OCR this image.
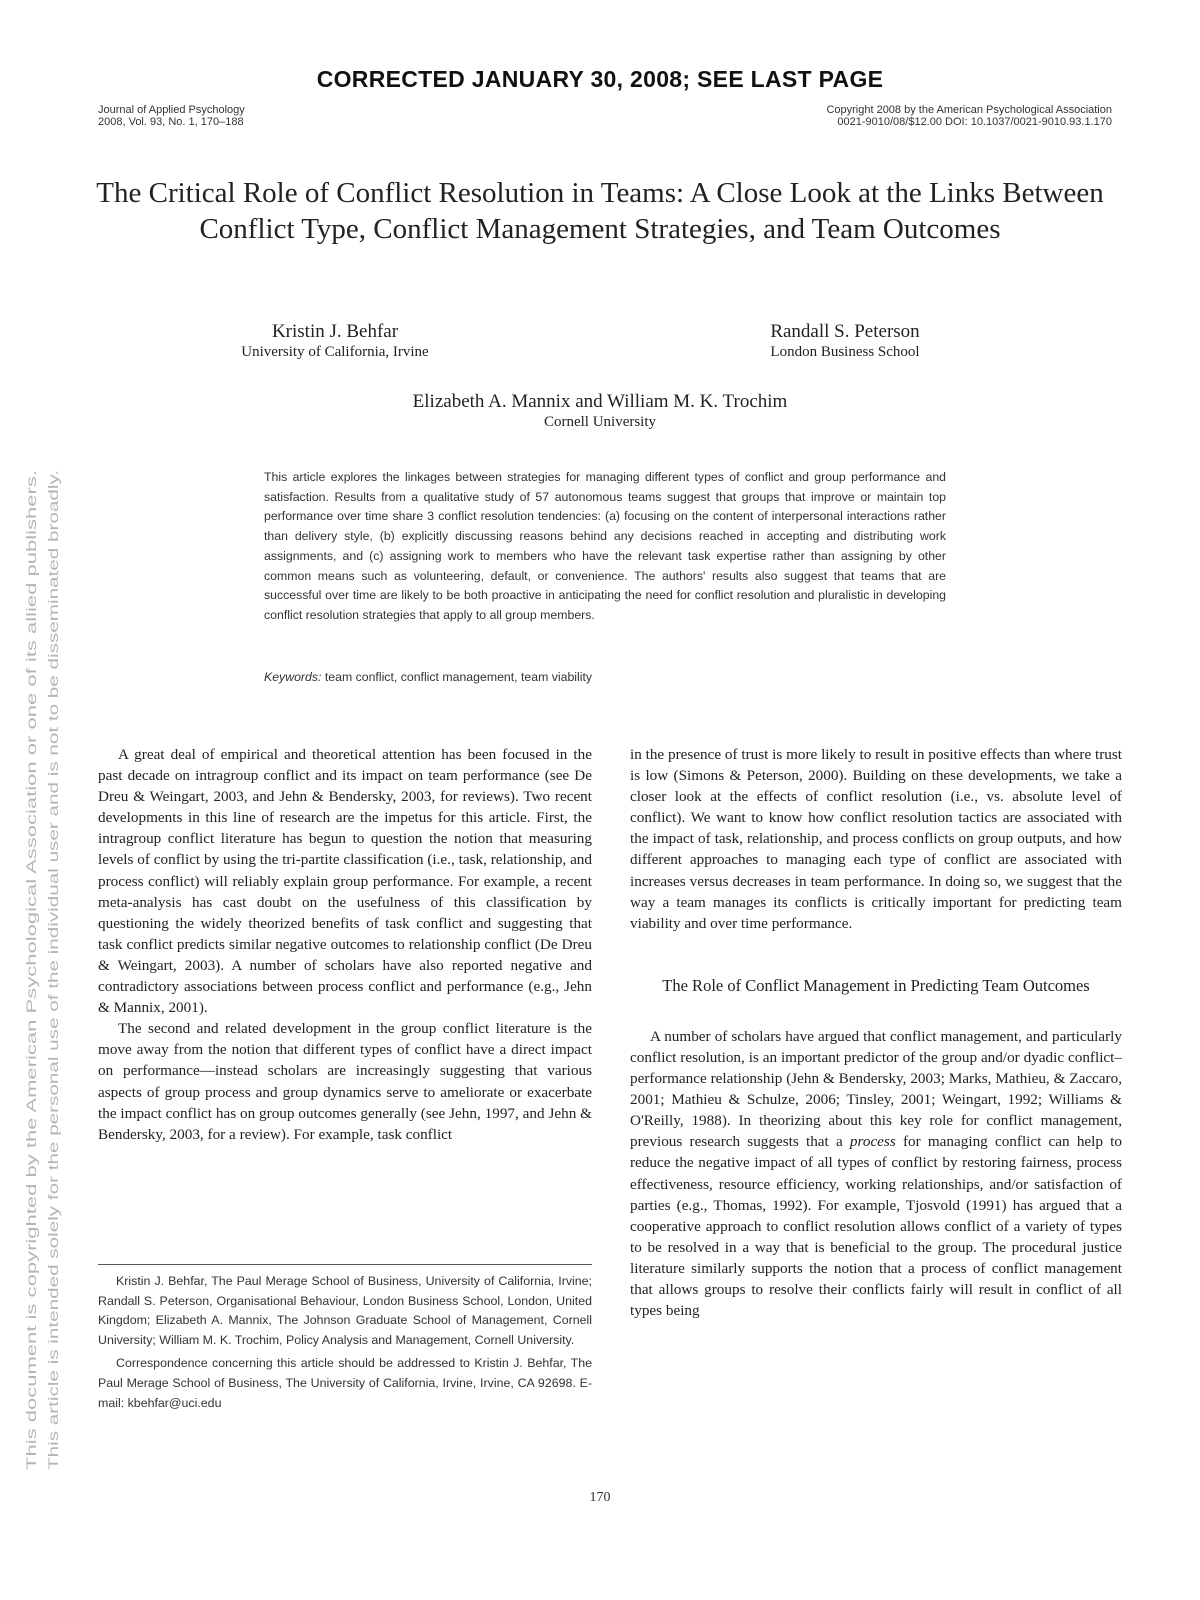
CORRECTED JANUARY 30, 2008; SEE LAST PAGE
Journal of Applied Psychology
2008, Vol. 93, No. 1, 170–188
Copyright 2008 by the American Psychological Association
0021-9010/08/$12.00 DOI: 10.1037/0021-9010.93.1.170
The Critical Role of Conflict Resolution in Teams: A Close Look at the Links Between Conflict Type, Conflict Management Strategies, and Team Outcomes
Kristin J. Behfar
University of California, Irvine
Randall S. Peterson
London Business School
Elizabeth A. Mannix and William M. K. Trochim
Cornell University
This article explores the linkages between strategies for managing different types of conflict and group performance and satisfaction. Results from a qualitative study of 57 autonomous teams suggest that groups that improve or maintain top performance over time share 3 conflict resolution tendencies: (a) focusing on the content of interpersonal interactions rather than delivery style, (b) explicitly discussing reasons behind any decisions reached in accepting and distributing work assignments, and (c) assigning work to members who have the relevant task expertise rather than assigning by other common means such as volunteering, default, or convenience. The authors' results also suggest that teams that are successful over time are likely to be both proactive in anticipating the need for conflict resolution and pluralistic in developing conflict resolution strategies that apply to all group members.
Keywords: team conflict, conflict management, team viability

A great deal of empirical and theoretical attention has been focused in the past decade on intragroup conflict and its impact on team performance (see De Dreu & Weingart, 2003, and Jehn & Bendersky, 2003, for reviews). Two recent developments in this line of research are the impetus for this article. First, the intragroup conflict literature has begun to question the notion that measuring levels of conflict by using the tri-partite classification (i.e., task, relationship, and process conflict) will reliably explain group performance. For example, a recent meta-analysis has cast doubt on the usefulness of this classification by questioning the widely theorized benefits of task conflict and suggesting that task conflict predicts similar negative outcomes to relationship conflict (De Dreu & Weingart, 2003). A number of scholars have also reported negative and contradictory associations between process conflict and performance (e.g., Jehn & Mannix, 2001).

The second and related development in the group conflict literature is the move away from the notion that different types of conflict have a direct impact on performance—instead scholars are increasingly suggesting that various aspects of group process and group dynamics serve to ameliorate or exacerbate the impact conflict has on group outcomes generally (see Jehn, 1997, and Jehn & Bendersky, 2003, for a review). For example, task conflict

in the presence of trust is more likely to result in positive effects than where trust is low (Simons & Peterson, 2000). Building on these developments, we take a closer look at the effects of conflict resolution (i.e., vs. absolute level of conflict). We want to know how conflict resolution tactics are associated with the impact of task, relationship, and process conflicts on group outputs, and how different approaches to managing each type of conflict are associated with increases versus decreases in team performance. In doing so, we suggest that the way a team manages its conflicts is critically important for predicting team viability and over time performance.

The Role of Conflict Management in Predicting Team Outcomes

A number of scholars have argued that conflict management, and particularly conflict resolution, is an important predictor of the group and/or dyadic conflict–performance relationship (Jehn & Bendersky, 2003; Marks, Mathieu, & Zaccaro, 2001; Mathieu & Schulze, 2006; Tinsley, 2001; Weingart, 1992; Williams & O'Reilly, 1988). In theorizing about this key role for conflict management, previous research suggests that a process for managing conflict can help to reduce the negative impact of all types of conflict by restoring fairness, process effectiveness, resource efficiency, working relationships, and/or satisfaction of parties (e.g., Thomas, 1992). For example, Tjosvold (1991) has argued that a cooperative approach to conflict resolution allows conflict of a variety of types to be resolved in a way that is beneficial to the group. The procedural justice literature similarly supports the notion that a process of conflict management that allows groups to resolve their conflicts fairly will result in conflict of all types being

Kristin J. Behfar, The Paul Merage School of Business, University of California, Irvine; Randall S. Peterson, Organisational Behaviour, London Business School, London, United Kingdom; Elizabeth A. Mannix, The Johnson Graduate School of Management, Cornell University; William M. K. Trochim, Policy Analysis and Management, Cornell University.

Correspondence concerning this article should be addressed to Kristin J. Behfar, The Paul Merage School of Business, The University of California, Irvine, Irvine, CA 92698. E-mail: kbehfar@uci.edu

170
This document is copyrighted by the American Psychological Association or one of its allied publishers. This article is intended solely for the personal use of the individual user and is not to be disseminated broadly.
